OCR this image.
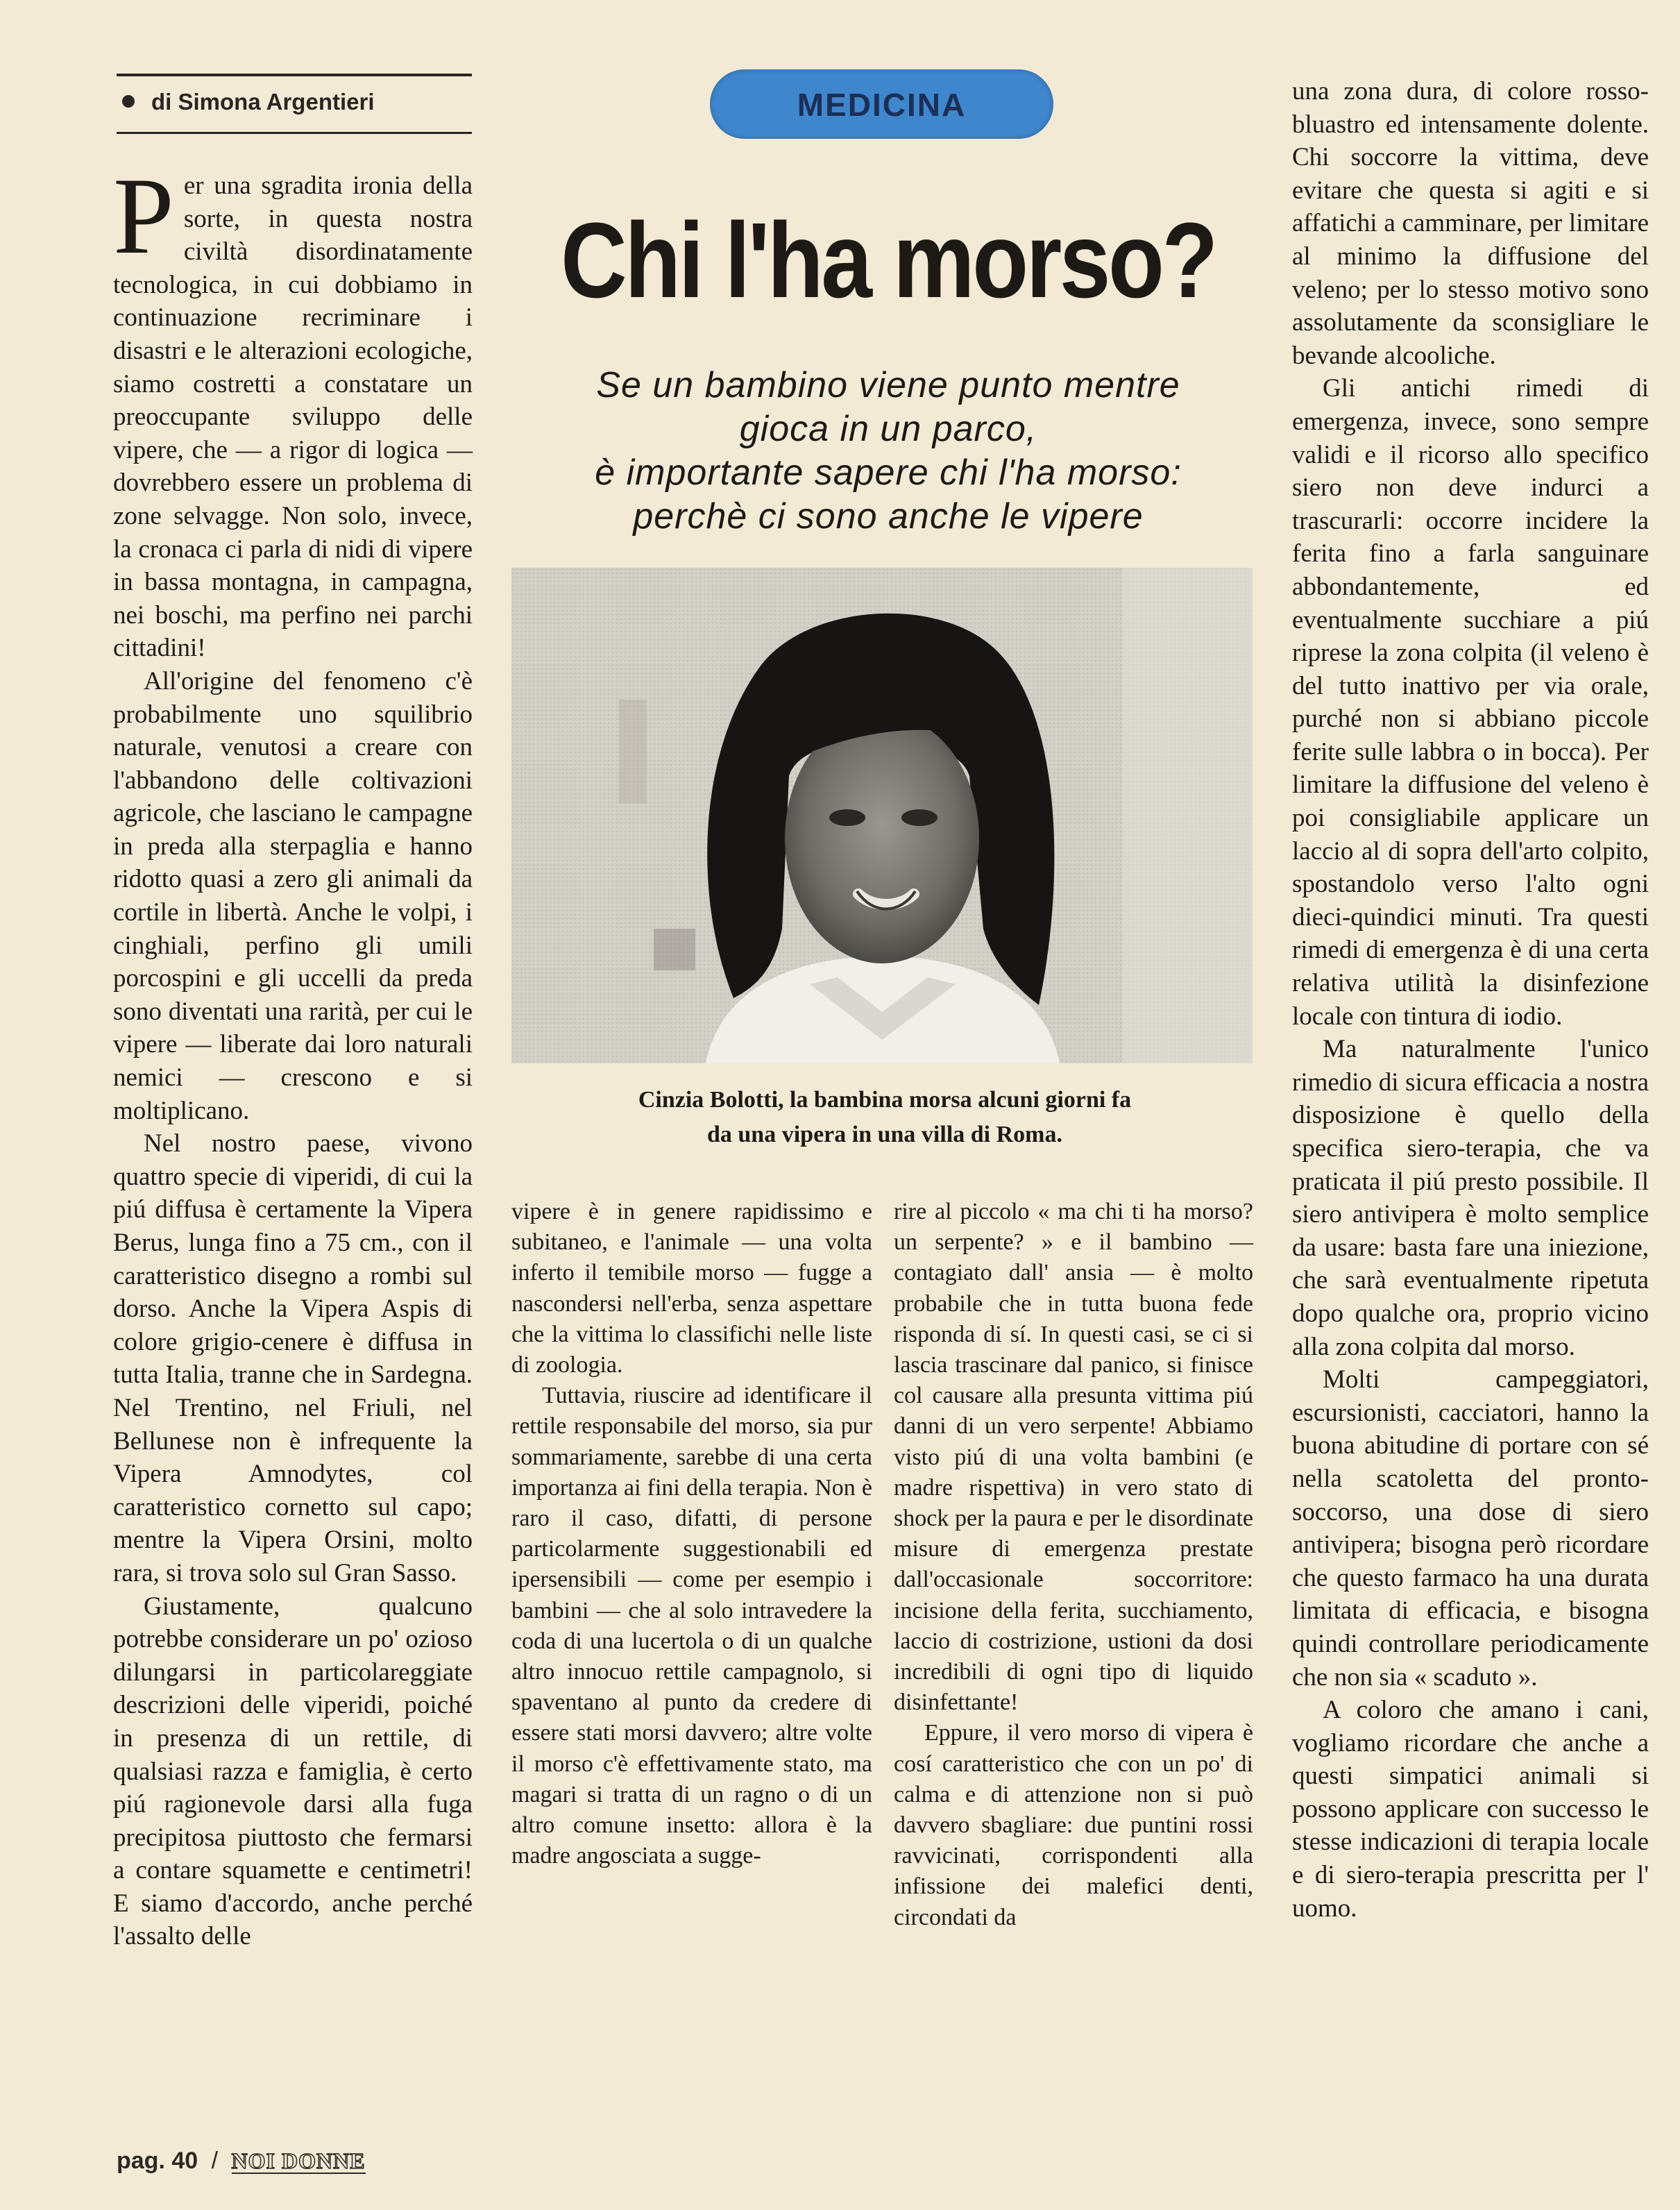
di Simona Argentieri

Per una sgradita ironia della sorte, in questa nostra civiltà disordinatamente tecnologica, in cui dobbiamo in continuazione recriminare i disastri e le alterazioni ecologiche, siamo costretti a constatare un preoccupante sviluppo delle vipere, che — a rigor di logica — dovrebbero essere un problema di zone selvagge. Non solo, invece, la cronaca ci parla di nidi di vipere in bassa montagna, in campagna, nei boschi, ma perfino nei parchi cittadini!

All'origine del fenomeno c'è probabilmente uno squilibrio naturale, venutosi a creare con l'abbandono delle coltivazioni agricole, che lasciano le campagne in preda alla sterpaglia e hanno ridotto quasi a zero gli animali da cortile in libertà. Anche le volpi, i cinghiali, perfino gli umili porcospini e gli uccelli da preda sono diventati una rarità, per cui le vipere — liberate dai loro naturali nemici — crescono e si moltiplicano.

Nel nostro paese, vivono quattro specie di viperidi, di cui la piú diffusa è certamente la Vipera Berus, lunga fino a 75 cm., con il caratteristico disegno a rombi sul dorso. Anche la Vipera Aspis di colore grigio-cenere è diffusa in tutta Italia, tranne che in Sardegna. Nel Trentino, nel Friuli, nel Bellunese non è infrequente la Vipera Amnodytes, col caratteristico cornetto sul capo; mentre la Vipera Orsini, molto rara, si trova solo sul Gran Sasso.

Giustamente, qualcuno potrebbe considerare un po' ozioso dilungarsi in particolareggiate descrizioni delle viperidi, poiché in presenza di un rettile, di qualsiasi razza e famiglia, è certo piú ragionevole darsi alla fuga precipitosa piuttosto che fermarsi a contare squamette e centimetri! E siamo d'accordo, anche perché l'assalto delle

MEDICINA
Chi l'ha morso?
Se un bambino viene punto mentre
gioca in un parco,
è importante sapere chi l'ha morso:
perchè ci sono anche le vipere
Cinzia Bolotti, la bambina morsa alcuni giorni fa
da una vipera in una villa di Roma.

vipere è in genere rapidissimo e subitaneo, e l'animale — una volta inferto il temibile morso — fugge a nascondersi nell'erba, senza aspettare che la vittima lo classifichi nelle liste di zoologia.

Tuttavia, riuscire ad identificare il rettile responsabile del morso, sia pur sommariamente, sarebbe di una certa importanza ai fini della terapia. Non è raro il caso, difatti, di persone particolarmente suggestionabili ed ipersensibili — come per esempio i bambini — che al solo intravedere la coda di una lucertola o di un qualche altro innocuo rettile campagnolo, si spaventano al punto da credere di essere stati morsi davvero; altre volte il morso c'è effettivamente stato, ma magari si tratta di un ragno o di un altro comune insetto: allora è la madre angosciata a sugge-

rire al piccolo « ma chi ti ha morso? un serpente? » e il bambino — contagiato dall' ansia — è molto probabile che in tutta buona fede risponda di sí. In questi casi, se ci si lascia trascinare dal panico, si finisce col causare alla presunta vittima piú danni di un vero serpente! Abbiamo visto piú di una volta bambini (e madre rispettiva) in vero stato di shock per la paura e per le disordinate misure di emergenza prestate dall'occasionale soccorritore: incisione della ferita, succhiamento, laccio di costrizione, ustioni da dosi incredibili di ogni tipo di liquido disinfettante!

Eppure, il vero morso di vipera è cosí caratteristico che con un po' di calma e di attenzione non si può davvero sbagliare: due puntini rossi ravvicinati, corrispondenti alla infissione dei malefici denti, circondati da

una zona dura, di colore rosso-bluastro ed intensamente dolente. Chi soccorre la vittima, deve evitare che questa si agiti e si affatichi a camminare, per limitare al minimo la diffusione del veleno; per lo stesso motivo sono assolutamente da sconsigliare le bevande alcooliche.

Gli antichi rimedi di emergenza, invece, sono sempre validi e il ricorso allo specifico siero non deve indurci a trascurarli: occorre incidere la ferita fino a farla sanguinare abbondantemente, ed eventualmente succhiare a piú riprese la zona colpita (il veleno è del tutto inattivo per via orale, purché non si abbiano piccole ferite sulle labbra o in bocca). Per limitare la diffusione del veleno è poi consigliabile applicare un laccio al di sopra dell'arto colpito, spostandolo verso l'alto ogni dieci-quindici minuti. Tra questi rimedi di emergenza è di una certa relativa utilità la disinfezione locale con tintura di iodio.

Ma naturalmente l'unico rimedio di sicura efficacia a nostra disposizione è quello della specifica siero-terapia, che va praticata il piú presto possibile. Il siero antivipera è molto semplice da usare: basta fare una iniezione, che sarà eventualmente ripetuta dopo qualche ora, proprio vicino alla zona colpita dal morso.

Molti campeggiatori, escursionisti, cacciatori, hanno la buona abitudine di portare con sé nella scatoletta del pronto-soccorso, una dose di siero antivipera; bisogna però ricordare che questo farmaco ha una durata limitata di efficacia, e bisogna quindi controllare periodicamente che non sia « scaduto ».

A coloro che amano i cani, vogliamo ricordare che anche a questi simpatici animali si possono applicare con successo le stesse indicazioni di terapia locale e di siero-terapia prescritta per l' uomo.

pag. 40 / NOI DONNE
